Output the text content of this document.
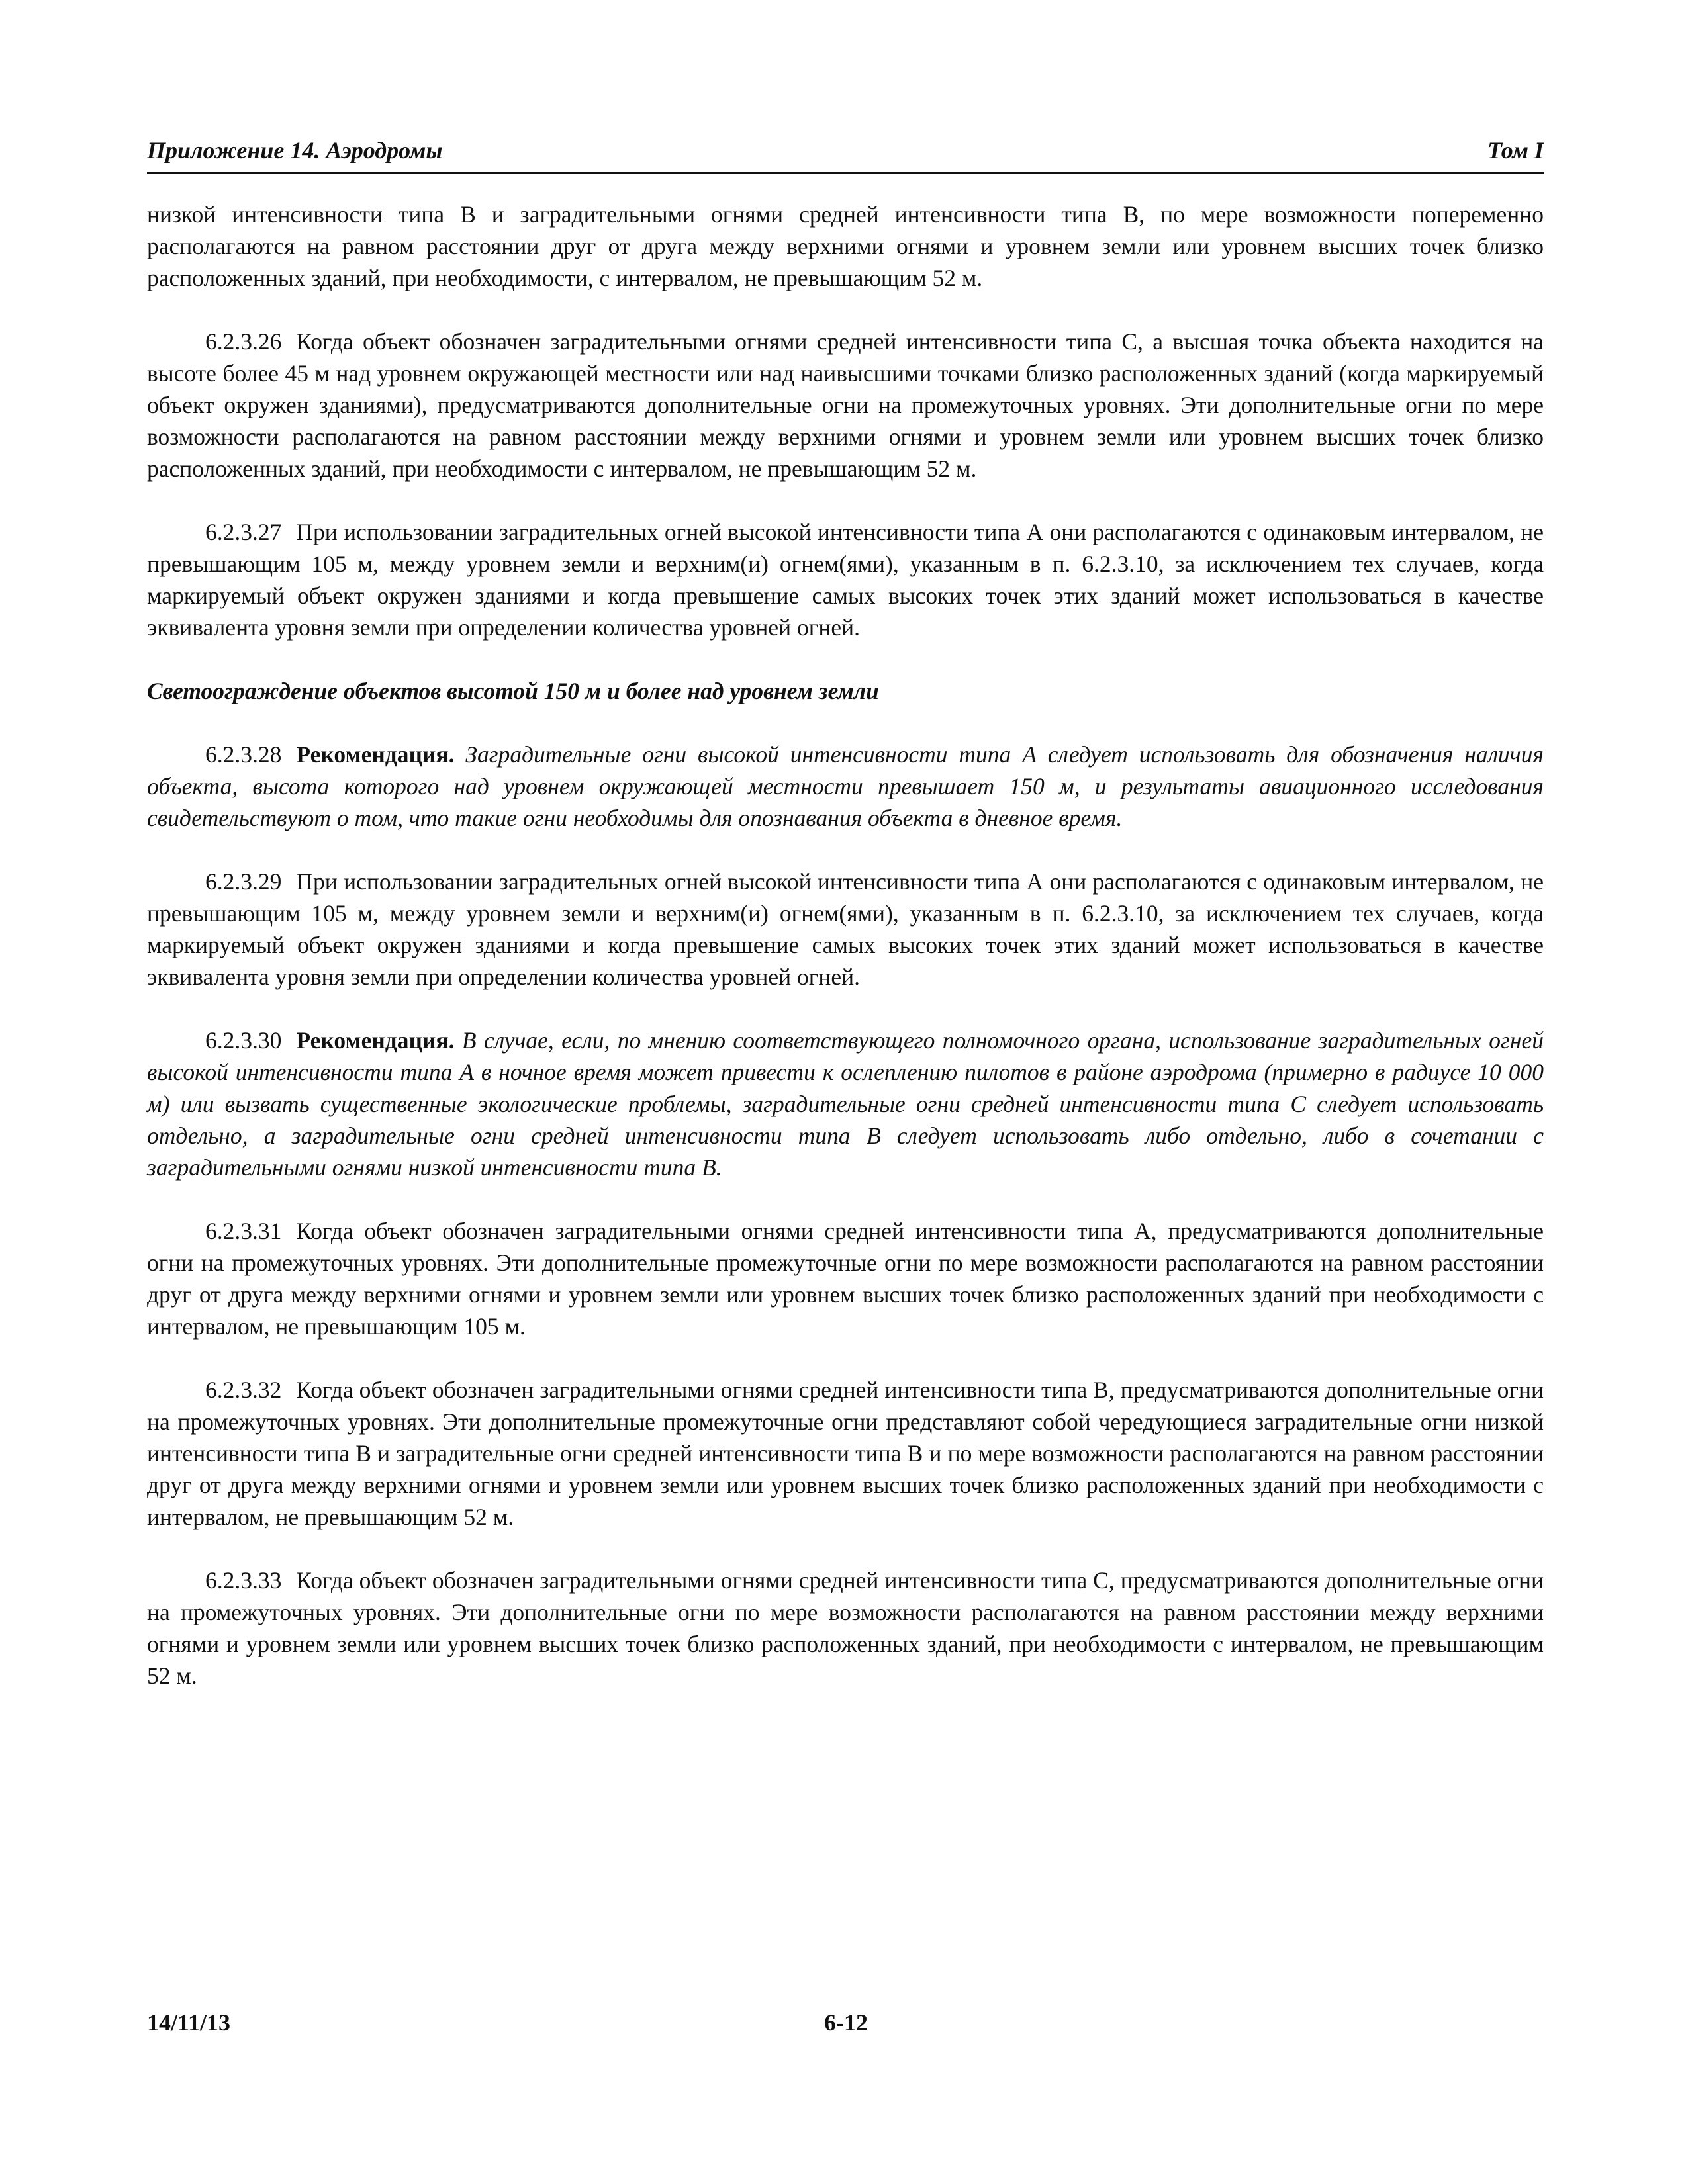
Приложение 14. Аэродромы	Том I

низкой интенсивности типа В и заградительными огнями средней интенсивности типа В, по мере возможности попеременно располагаются на равном расстоянии друг от друга между верхними огнями и уровнем земли или уровнем высших точек близко расположенных зданий, при необходимости, с интервалом, не превышающим 52 м.

6.2.3.26 Когда объект обозначен заградительными огнями средней интенсивности типа С, а высшая точка объекта находится на высоте более 45 м над уровнем окружающей местности или над наивысшими точками близко расположенных зданий (когда маркируемый объект окружен зданиями), предусматриваются дополнительные огни на промежуточных уровнях. Эти дополнительные огни по мере возможности располагаются на равном расстоянии между верхними огнями и уровнем земли или уровнем высших точек близко расположенных зданий, при необходимости с интервалом, не превышающим 52 м.

6.2.3.27 При использовании заградительных огней высокой интенсивности типа А они располагаются с одинаковым интервалом, не превышающим 105 м, между уровнем земли и верхним(и) огнем(ями), указанным в п. 6.2.3.10, за исключением тех случаев, когда маркируемый объект окружен зданиями и когда превышение самых высоких точек этих зданий может использоваться в качестве эквивалента уровня земли при определении количества уровней огней.

Светоограждение объектов высотой 150 м и более над уровнем земли

6.2.3.28 Рекомендация. Заградительные огни высокой интенсивности типа А следует использовать для обозначения наличия объекта, высота которого над уровнем окружающей местности превышает 150 м, и результаты авиационного исследования свидетельствуют о том, что такие огни необходимы для опознавания объекта в дневное время.

6.2.3.29 При использовании заградительных огней высокой интенсивности типа А они располагаются с одинаковым интервалом, не превышающим 105 м, между уровнем земли и верхним(и) огнем(ями), указанным в п. 6.2.3.10, за исключением тех случаев, когда маркируемый объект окружен зданиями и когда превышение самых высоких точек этих зданий может использоваться в качестве эквивалента уровня земли при определении количества уровней огней.

6.2.3.30 Рекомендация. В случае, если, по мнению соответствующего полномочного органа, использование заградительных огней высокой интенсивности типа А в ночное время может привести к ослеплению пилотов в районе аэродрома (примерно в радиусе 10 000 м) или вызвать существенные экологические проблемы, заградительные огни средней интенсивности типа С следует использовать отдельно, а заградительные огни средней интенсивности типа В следует использовать либо отдельно, либо в сочетании с заградительными огнями низкой интенсивности типа В.

6.2.3.31 Когда объект обозначен заградительными огнями средней интенсивности типа А, предусматриваются дополнительные огни на промежуточных уровнях. Эти дополнительные промежуточные огни по мере возможности располагаются на равном расстоянии друг от друга между верхними огнями и уровнем земли или уровнем высших точек близко расположенных зданий при необходимости с интервалом, не превышающим 105 м.

6.2.3.32 Когда объект обозначен заградительными огнями средней интенсивности типа В, предусматриваются дополнительные огни на промежуточных уровнях. Эти дополнительные промежуточные огни представляют собой чередующиеся заградительные огни низкой интенсивности типа В и заградительные огни средней интенсивности типа В и по мере возможности располагаются на равном расстоянии друг от друга между верхними огнями и уровнем земли или уровнем высших точек близко расположенных зданий при необходимости с интервалом, не превышающим 52 м.

6.2.3.33 Когда объект обозначен заградительными огнями средней интенсивности типа С, предусматриваются дополнительные огни на промежуточных уровнях. Эти дополнительные огни по мере возможности располагаются на равном расстоянии между верхними огнями и уровнем земли или уровнем высших точек близко расположенных зданий, при необходимости с интервалом, не превышающим 52 м.

14/11/13	6-12
